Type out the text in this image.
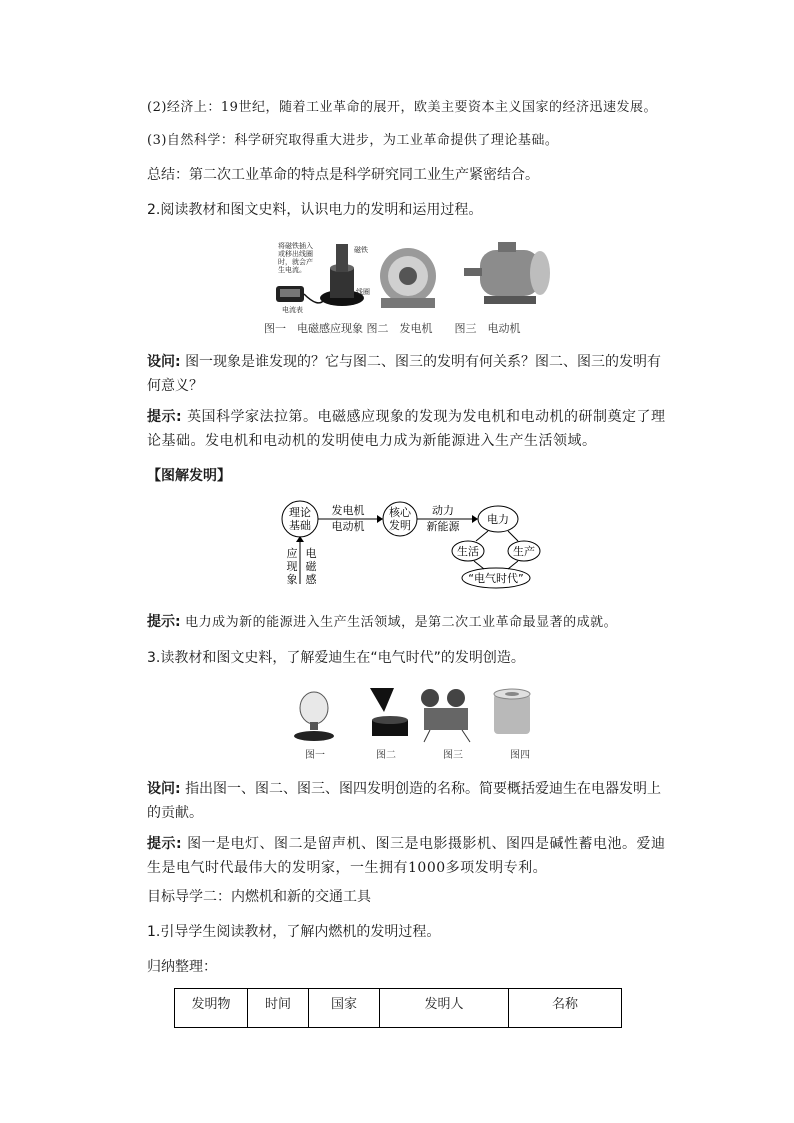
(2)经济上：19世纪，随着工业革命的展开，欧美主要资本主义国家的经济迅速发展。
(3)自然科学：科学研究取得重大进步，为工业革命提供了理论基础。
总结：第二次工业革命的特点是科学研究同工业生产紧密结合。
2.阅读教材和图文史料，认识电力的发明和运用过程。
将磁铁插入
或移出线圈
时，就会产
生电流。
磁铁
线圈
电流表
图一　电磁感应现象 图二　发电机　　图三　电动机
设问: 图一现象是谁发现的？它与图二、图三的发明有何关系？图二、图三的发明有何意义？
提示: 英国科学家法拉第。电磁感应现象的发现为发电机和电动机的研制奠定了理论基础。发电机和电动机的发明使电力成为新能源进入生产生活领域。
【图解发明】
理论
基础
发电机
电动机
核心
发明
动力
新能源
电力
生活	生产
“电气时代”
应
现
象
电
磁
感
提示: 电力成为新的能源进入生产生活领域，是第二次工业革命最显著的成就。
3.读教材和图文史料，了解爱迪生在“电气时代”的发明创造。
图一	图二	图三	图四
设问: 指出图一、图二、图三、图四发明创造的名称。简要概括爱迪生在电器发明上的贡献。
提示: 图一是电灯、图二是留声机、图三是电影摄影机、图四是碱性蓄电池。爱迪生是电气时代最伟大的发明家，一生拥有1000多项发明专利。
目标导学二：内燃机和新的交通工具
1.引导学生阅读教材，了解内燃机的发明过程。
归纳整理：
发明物	时间	国家	发明人	名称
